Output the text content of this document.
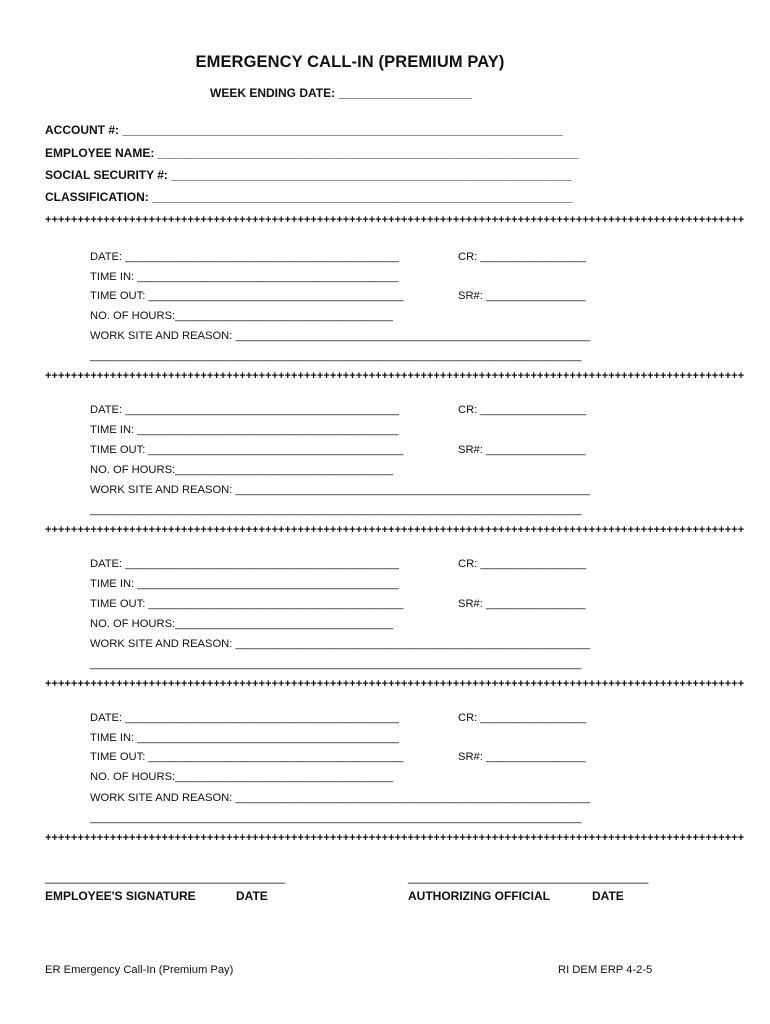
EMERGENCY CALL-IN (PREMIUM PAY)
WEEK ENDING DATE: ____________________
ACCOUNT #: __________________________________________________________________
EMPLOYEE NAME: _______________________________________________________________
SOCIAL SECURITY #: ____________________________________________________________
CLASSIFICATION: _______________________________________________________________
++++++++++++++++++++++++++++++++++++++++++++++++++++++++++++++++++++++++++++++++++++++++++++++++++++++++++++
DATE: ____________________________________________	CR: _________________
TIME IN: __________________________________________
TIME OUT: _________________________________________	SR#: ________________
NO. OF HOURS:___________________________________
WORK SITE AND REASON: _________________________________________________________
_______________________________________________________________________________
++++++++++++++++++++++++++++++++++++++++++++++++++++++++++++++++++++++++++++++++++++++++++++++++++++++++++++
DATE: ____________________________________________	CR: _________________
TIME IN: __________________________________________
TIME OUT: _________________________________________	SR#: ________________
NO. OF HOURS:___________________________________
WORK SITE AND REASON: _________________________________________________________
_______________________________________________________________________________
++++++++++++++++++++++++++++++++++++++++++++++++++++++++++++++++++++++++++++++++++++++++++++++++++++++++++++
DATE: ____________________________________________	CR: _________________
TIME IN: __________________________________________
TIME OUT: _________________________________________	SR#: ________________
NO. OF HOURS:___________________________________
WORK SITE AND REASON: _________________________________________________________
_______________________________________________________________________________
++++++++++++++++++++++++++++++++++++++++++++++++++++++++++++++++++++++++++++++++++++++++++++++++++++++++++++
DATE: ____________________________________________	CR: _________________
TIME IN: __________________________________________
TIME OUT: _________________________________________	SR#: ________________
NO. OF HOURS:___________________________________
WORK SITE AND REASON: _________________________________________________________
_______________________________________________________________________________
++++++++++++++++++++++++++++++++++++++++++++++++++++++++++++++++++++++++++++++++++++++++++++++++++++++++++++
____________________________________	____________________________________
EMPLOYEE'S SIGNATURE	DATE	AUTHORIZING OFFICIAL	DATE
ER Emergency Call-In (Premium Pay)	RI DEM ERP 4-2-5
